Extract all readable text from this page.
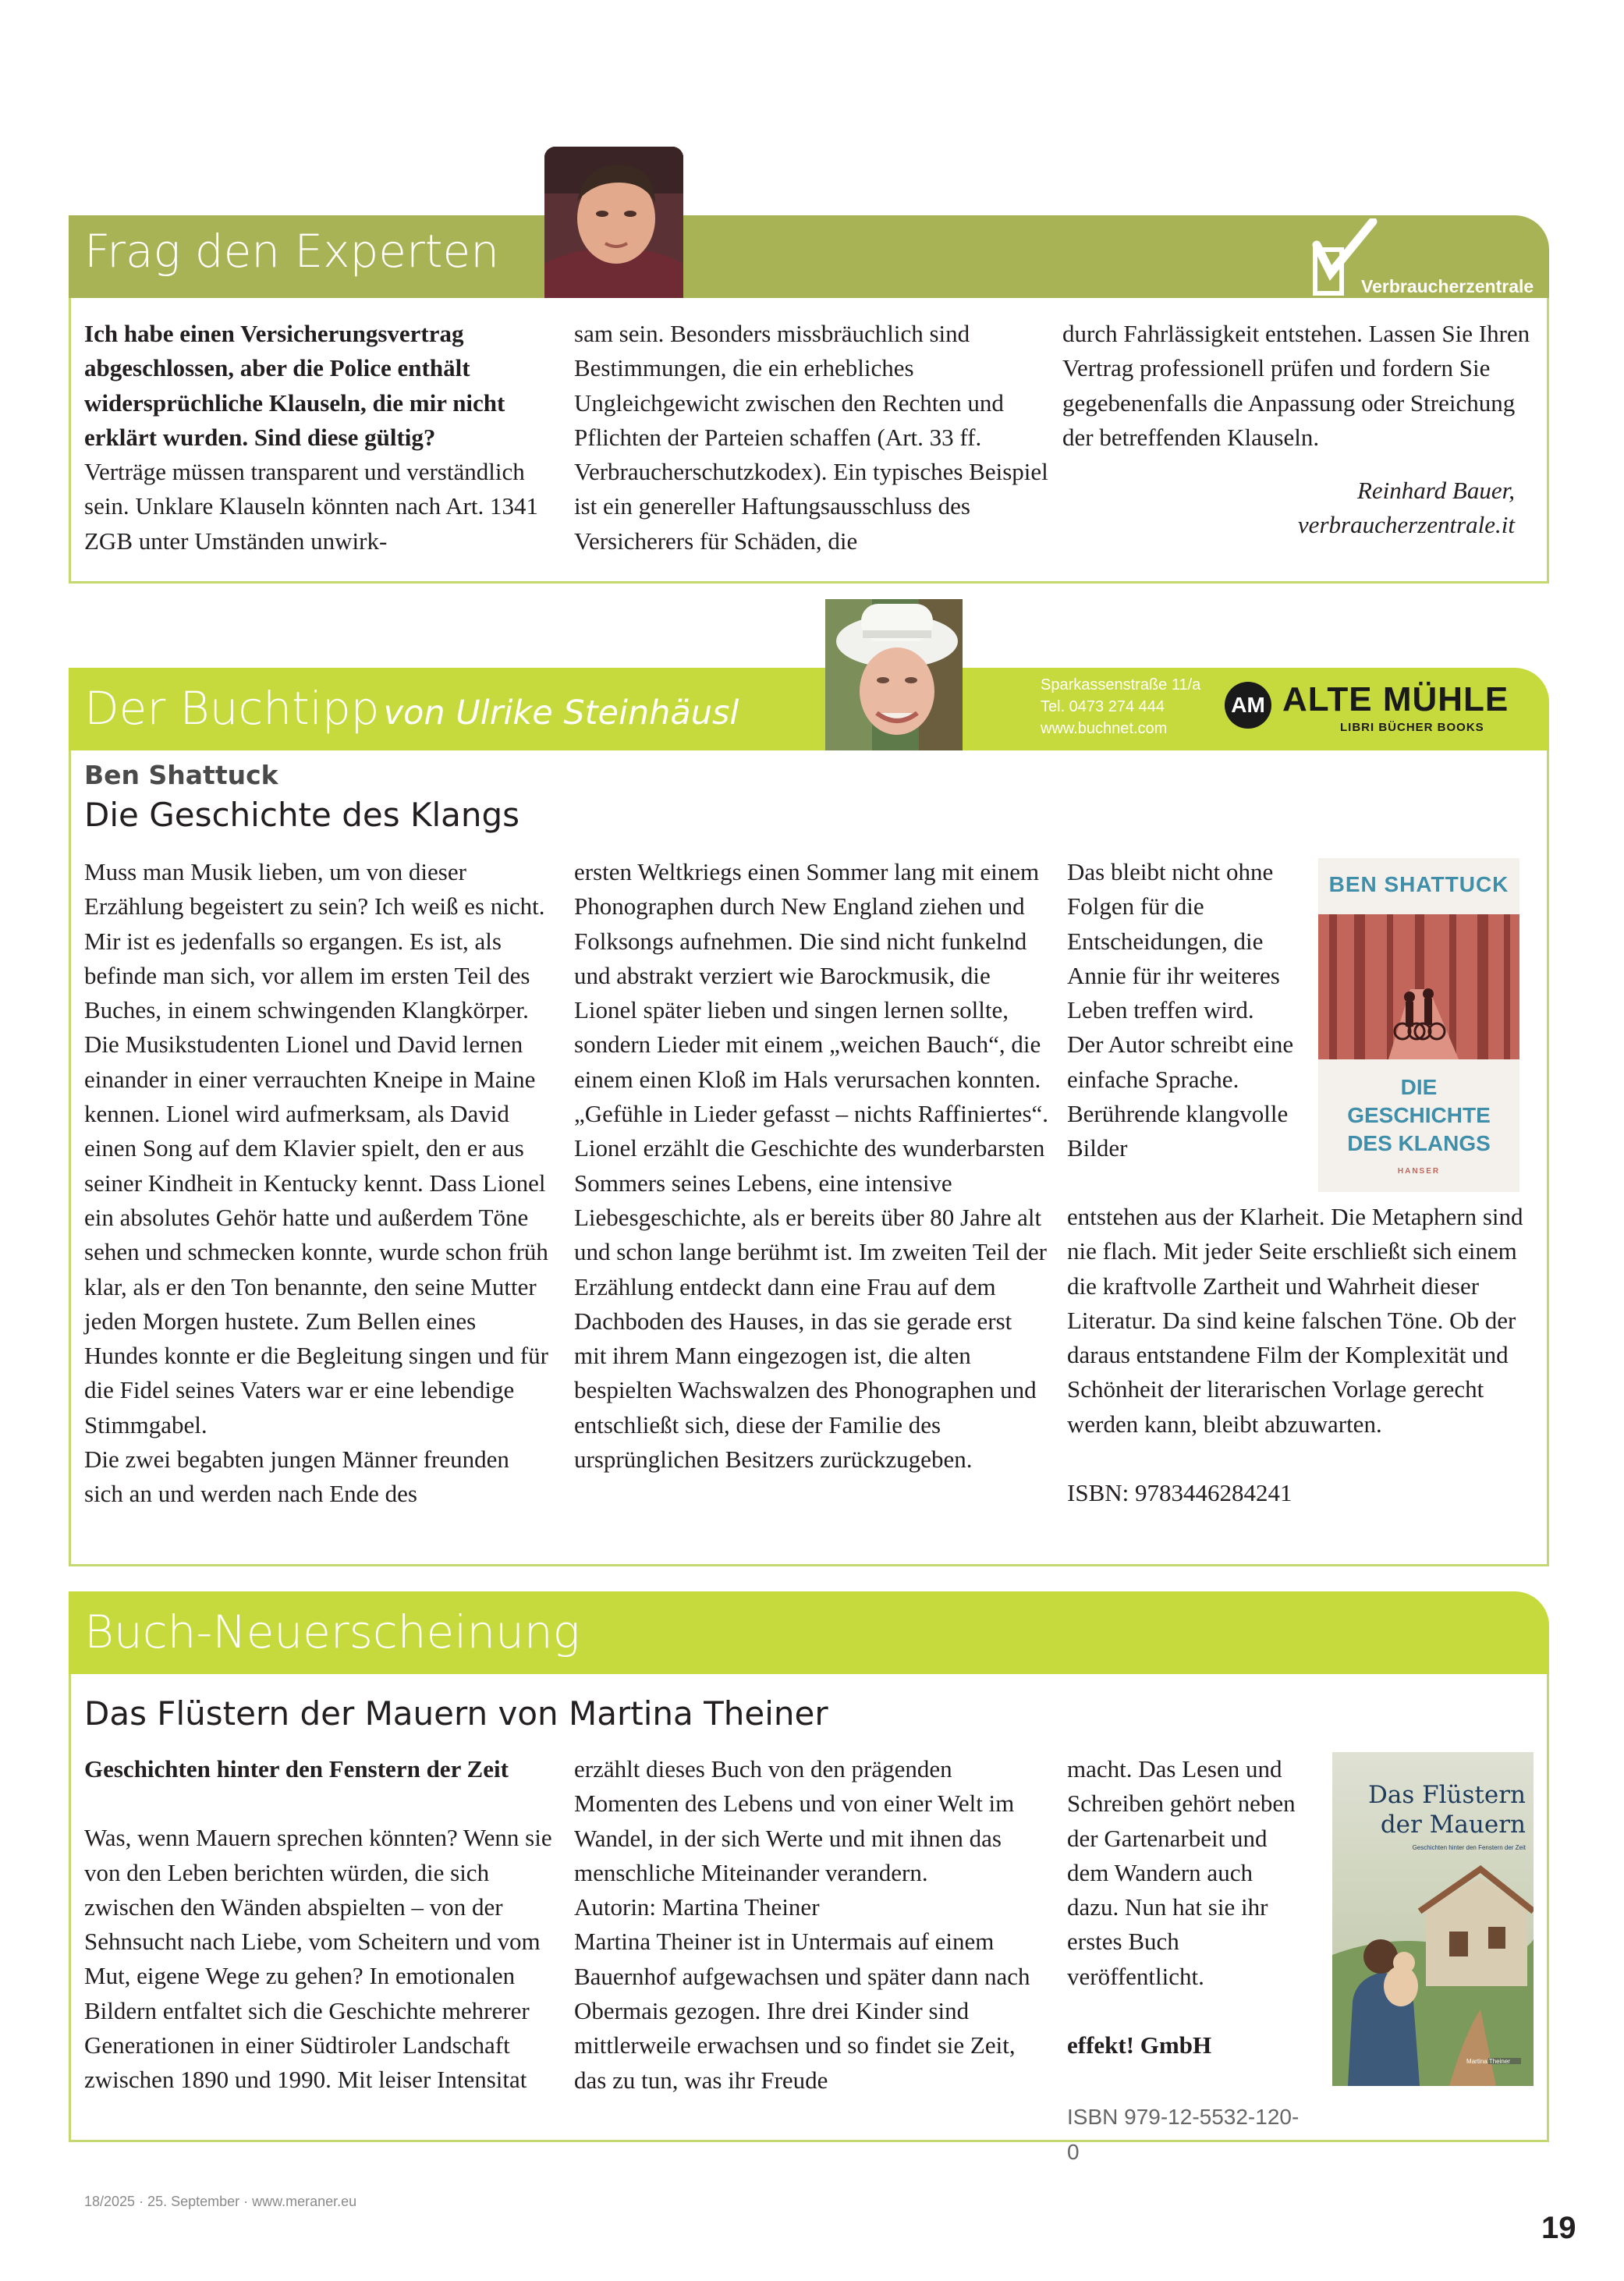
Frag den Experten
Verbraucherzentrale

Ich habe einen Versicherungsvertrag abgeschlossen, aber die Police enthält widersprüchliche Klauseln, die mir nicht erklärt wurden. Sind diese gültig?

Verträge müssen transparent und verständlich sein. Unklare Klauseln könnten nach Art. 1341 ZGB unter Umständen unwirk-

sam sein. Besonders missbräuchlich sind Bestimmungen, die ein erhebliches Ungleichgewicht zwischen den Rechten und Pflichten der Parteien schaffen (Art. 33 ff. Verbraucherschutzkodex). Ein typisches Beispiel ist ein genereller Haftungsausschluss des Versicherers für Schäden, die

durch Fahrlässigkeit entstehen. Lassen Sie Ihren Vertrag professionell prüfen und fordern Sie gegebenenfalls die Anpassung oder Streichung der betreffenden Klauseln.

Reinhard Bauer,

verbraucherzentrale.it

Der Buchtipp von Ulrike Steinhäusl
Sparkassenstraße 11/a
Tel. 0473 274 444
www.buchnet.com
AM ALTE MÜHLE
LIBRI BÜCHER BOOKS
Ben Shattuck
Die Geschichte des Klangs

Muss man Musik lieben, um von dieser Erzählung begeistert zu sein? Ich weiß es nicht. Mir ist es jedenfalls so ergangen. Es ist, als befinde man sich, vor allem im ersten Teil des Buches, in einem schwingenden Klangkörper. Die Musikstudenten Lionel und David lernen einander in einer verrauchten Kneipe in Maine kennen. Lionel wird aufmerksam, als David einen Song auf dem Klavier spielt, den er aus seiner Kindheit in Kentucky kennt. Dass Lionel ein absolutes Gehör hatte und außerdem Töne sehen und schmecken konnte, wurde schon früh klar, als er den Ton benannte, den seine Mutter jeden Morgen hustete. Zum Bellen eines Hundes konnte er die Begleitung singen und für die Fidel seines Vaters war er eine lebendige Stimmgabel.

Die zwei begabten jungen Männer freunden sich an und werden nach Ende des

ersten Weltkriegs einen Sommer lang mit einem Phonographen durch New England ziehen und Folksongs aufnehmen. Die sind nicht funkelnd und abstrakt verziert wie Barockmusik, die Lionel später lieben und singen lernen sollte, sondern Lieder mit einem „weichen Bauch“, die einem einen Kloß im Hals verursachen konnten. „Gefühle in Lieder gefasst – nichts Raffiniertes“. Lionel erzählt die Geschichte des wunderbarsten Sommers seines Lebens, eine intensive Liebesgeschichte, als er bereits über 80 Jahre alt und schon lange berühmt ist. Im zweiten Teil der Erzählung entdeckt dann eine Frau auf dem Dachboden des Hauses, in das sie gerade erst mit ihrem Mann eingezogen ist, die alten bespielten Wachswalzen des Phonographen und entschließt sich, diese der Familie des ursprünglichen Besitzers zurückzugeben.

Das bleibt nicht ohne Folgen für die Entscheidungen, die Annie für ihr weiteres Leben treffen wird.

Der Autor schreibt eine einfache Sprache. Berührende klangvolle Bilder

entstehen aus der Klarheit. Die Metaphern sind nie flach. Mit jeder Seite erschließt sich einem die kraftvolle Zartheit und Wahrheit dieser Literatur. Da sind keine falschen Töne. Ob der daraus entstandene Film der Komplexität und Schönheit der literarischen Vorlage gerecht werden kann, bleibt abzuwarten.

ISBN: 9783446284241

BEN SHATTUCK
DIE GESCHICHTE DES KLANGS
HANSER
Buch-Neuerscheinung
Das Flüstern der Mauern von Martina Theiner

Geschichten hinter den Fenstern der Zeit

Was, wenn Mauern sprechen könnten? Wenn sie von den Leben berichten würden, die sich zwischen den Wänden abspielten – von der Sehnsucht nach Liebe, vom Scheitern und vom Mut, eigene Wege zu gehen? In emotionalen Bildern entfaltet sich die Geschichte mehrerer Generationen in einer Südtiroler Landschaft zwischen 1890 und 1990. Mit leiser Intensitat

erzählt dieses Buch von den prägenden Momenten des Lebens und von einer Welt im Wandel, in der sich Werte und mit ihnen das menschliche Miteinander verandern.

Autorin: Martina Theiner

Martina Theiner ist in Untermais auf einem Bauernhof aufgewachsen und später dann nach Obermais gezogen. Ihre drei Kinder sind mittlerweile erwachsen und so findet sie Zeit, das zu tun, was ihr Freude

macht. Das Lesen und Schreiben gehört neben der Gartenarbeit und dem Wandern auch dazu. Nun hat sie ihr erstes Buch veröffentlicht.

effekt! GmbH

ISBN 979-12-5532-120-0

Das Flüstern der Mauern
Geschichten hinter den Fenstern der Zeit
Martina Theiner
18/2025 · 25. September · www.meraner.eu
19
